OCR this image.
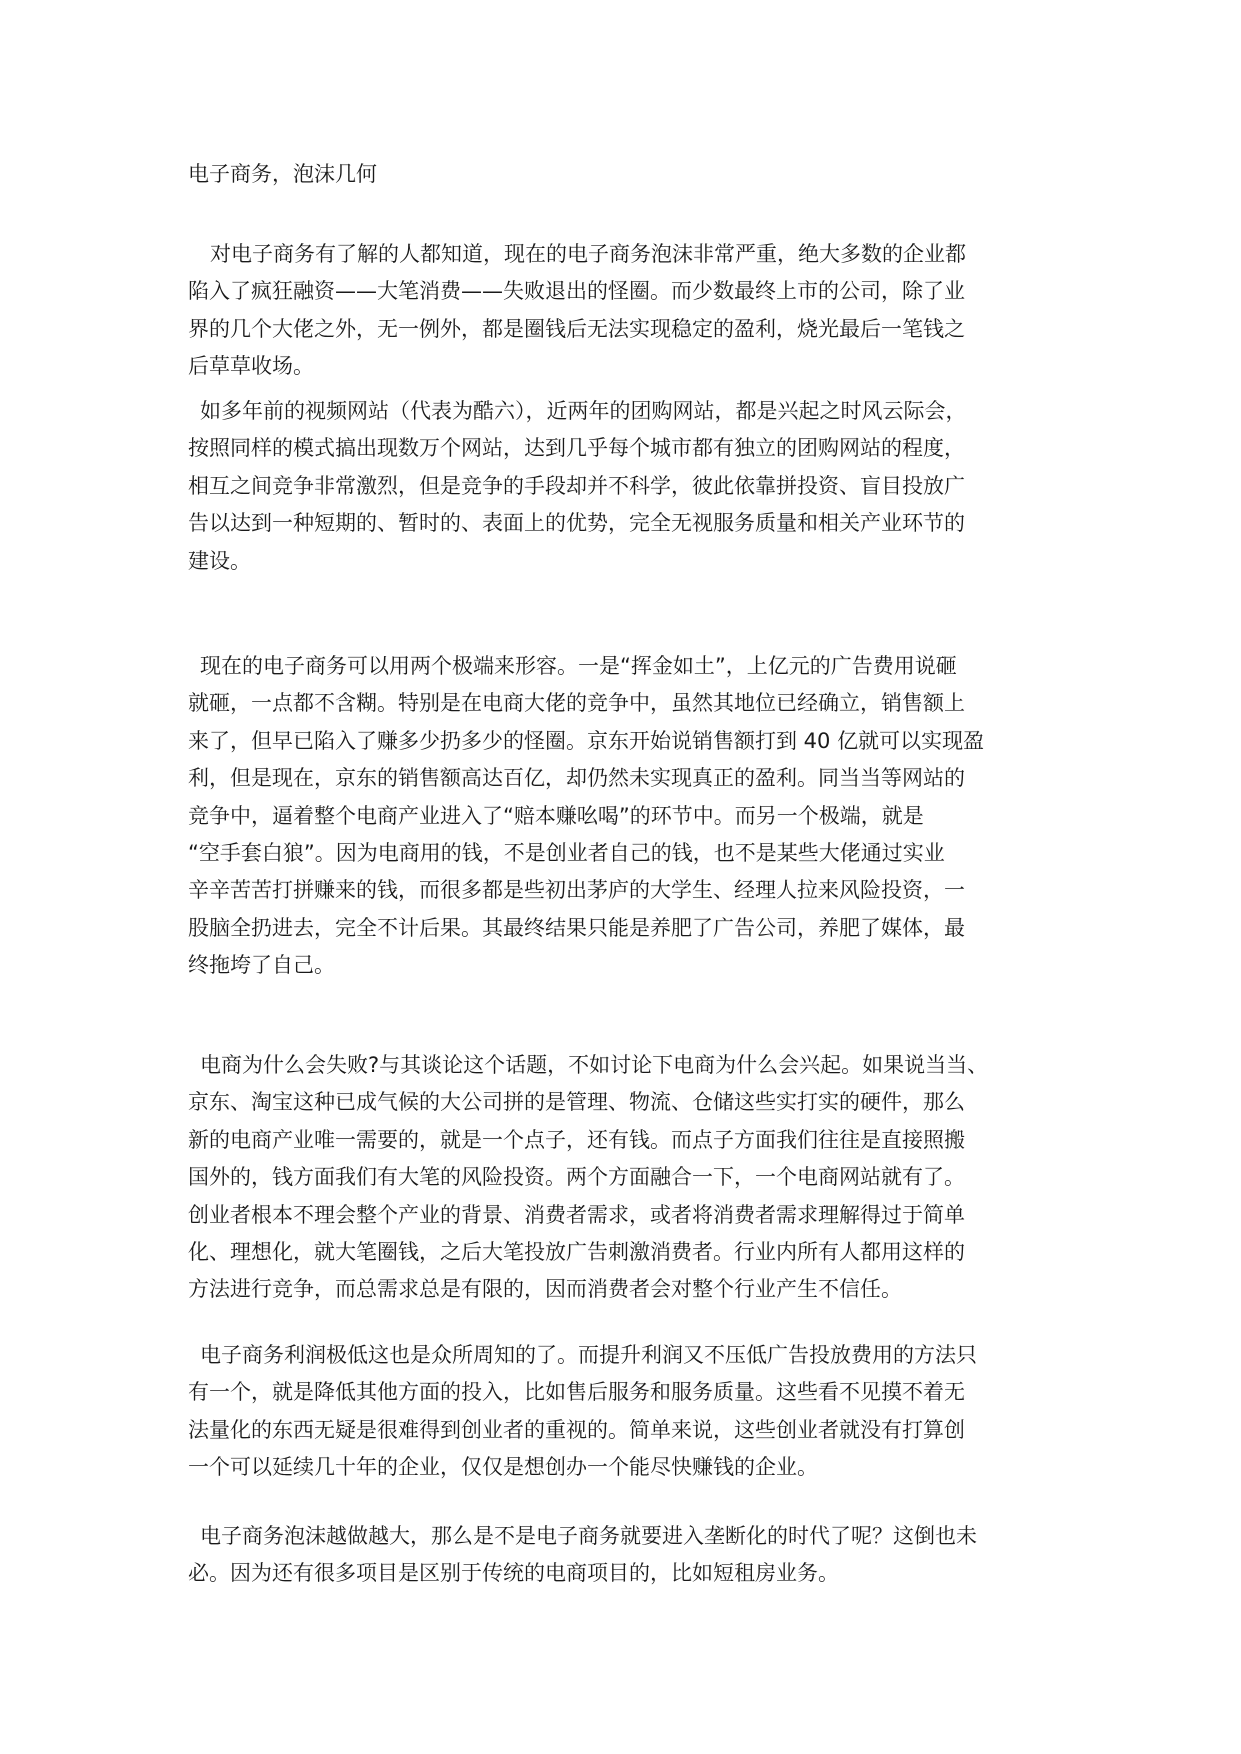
电子商务，泡沫几何
对电子商务有了解的人都知道，现在的电子商务泡沫非常严重，绝大多数的企业都
陷入了疯狂融资——大笔消费——失败退出的怪圈。而少数最终上市的公司，除了业
界的几个大佬之外，无一例外，都是圈钱后无法实现稳定的盈利，烧光最后一笔钱之
后草草收场。
如多年前的视频网站（代表为酷六），近两年的团购网站，都是兴起之时风云际会，
按照同样的模式搞出现数万个网站，达到几乎每个城市都有独立的团购网站的程度，
相互之间竞争非常激烈，但是竞争的手段却并不科学，彼此依靠拼投资、盲目投放广
告以达到一种短期的、暂时的、表面上的优势，完全无视服务质量和相关产业环节的
建设。
现在的电子商务可以用两个极端来形容。一是“挥金如土”，上亿元的广告费用说砸
就砸，一点都不含糊。特别是在电商大佬的竞争中，虽然其地位已经确立，销售额上
来了，但早已陷入了赚多少扔多少的怪圈。京东开始说销售额打到 40 亿就可以实现盈
利，但是现在，京东的销售额高达百亿，却仍然未实现真正的盈利。同当当等网站的
竞争中，逼着整个电商产业进入了“赔本赚吆喝”的环节中。而另一个极端，就是
“空手套白狼”。因为电商用的钱，不是创业者自己的钱，也不是某些大佬通过实业
辛辛苦苦打拼赚来的钱，而很多都是些初出茅庐的大学生、经理人拉来风险投资，一
股脑全扔进去，完全不计后果。其最终结果只能是养肥了广告公司，养肥了媒体，最
终拖垮了自己。
电商为什么会失败?与其谈论这个话题，不如讨论下电商为什么会兴起。如果说当当、
京东、淘宝这种已成气候的大公司拼的是管理、物流、仓储这些实打实的硬件，那么
新的电商产业唯一需要的，就是一个点子，还有钱。而点子方面我们往往是直接照搬
国外的，钱方面我们有大笔的风险投资。两个方面融合一下，一个电商网站就有了。
创业者根本不理会整个产业的背景、消费者需求，或者将消费者需求理解得过于简单
化、理想化，就大笔圈钱，之后大笔投放广告刺激消费者。行业内所有人都用这样的
方法进行竞争，而总需求总是有限的，因而消费者会对整个行业产生不信任。
电子商务利润极低这也是众所周知的了。而提升利润又不压低广告投放费用的方法只
有一个，就是降低其他方面的投入，比如售后服务和服务质量。这些看不见摸不着无
法量化的东西无疑是很难得到创业者的重视的。简单来说，这些创业者就没有打算创
一个可以延续几十年的企业，仅仅是想创办一个能尽快赚钱的企业。
电子商务泡沫越做越大，那么是不是电子商务就要进入垄断化的时代了呢？这倒也未
必。因为还有很多项目是区别于传统的电商项目的，比如短租房业务。
